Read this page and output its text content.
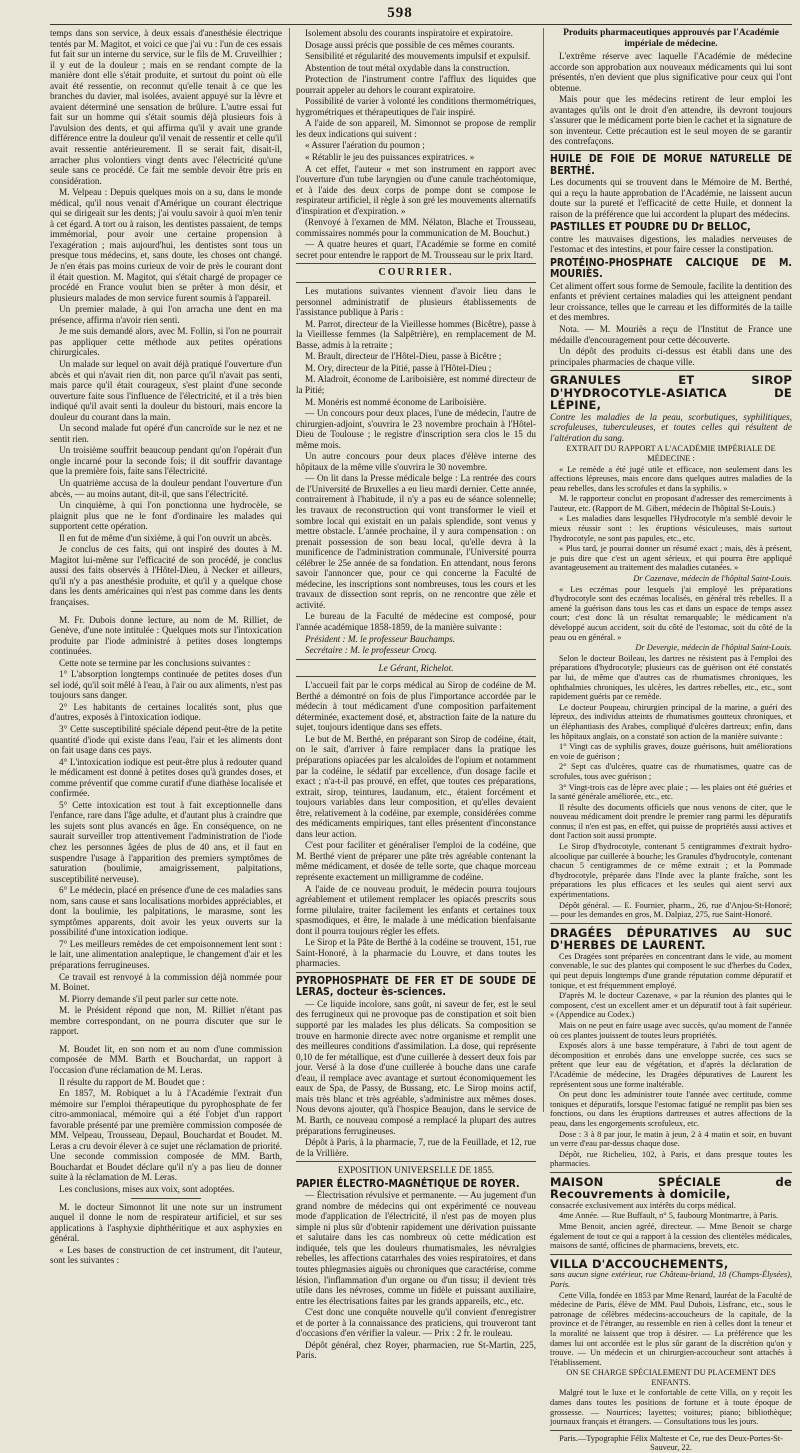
598

temps dans son service, à deux essais d'anesthésie électrique tentés par M. Magitot, et voici ce que j'ai vu : l'un de ces essais fut fait sur un interne du service, sur le fils de M. Cruveilhier ; il y eut de la douleur ; mais en se rendant compte de la manière dont elle s'était produite, et surtout du point où elle avait été ressentie, on reconnut qu'elle tenait à ce que les branches du davier, mal isolées, avaient appuyé sur la lèvre et avaient déterminé une sensation de brûlure. L'autre essai fut fait sur un homme qui s'était soumis déjà plusieurs fois à l'avulsion des dents, et qui affirma qu'il y avait une grande différence entre la douleur qu'il venait de ressentir et celle qu'il avait ressentie antérieurement. Il se serait fait, disait-il, arracher plus volontiers vingt dents avec l'électricité qu'une seule sans ce procédé. Ce fait me semble devoir être pris en considération.

M. Velpeau : Depuis quelques mois on a su, dans le monde médical, qu'il nous venait d'Amérique un courant électrique qui se dirigeait sur les dents; j'ai voulu savoir à quoi m'en tenir à cet égard. A tort ou à raison, les dentistes passaient, de temps immémorial, pour avoir une certaine propension à l'exagération ; mais aujourd'hui, les dentistes sont tous un presque tous médecins, et, sans doute, les choses ont changé. Je n'en étais pas moins curieux de voir de près le courant dont il était question. M. Magitot, qui s'était chargé de propager ce procédé en France voulut bien se prêter à mon désir, et plusieurs malades de mon service furent soumis à l'appareil.

Un premier malade, à qui l'on arracha une dent en ma présence, affirma n'avoir rien senti.

Je me suis demandé alors, avec M. Follin, si l'on ne pourrait pas appliquer cette méthode aux petites opérations chirurgicales.

Un malade sur lequel on avait déjà pratiqué l'ouverture d'un abcès et qui n'avait rien dit, non parce qu'il n'avait pas senti, mais parce qu'il était courageux, s'est plaint d'une seconde ouverture faite sous l'influence de l'électricité, et il a très bien indiqué qu'il avait senti la douleur du bistouri, mais encore la douleur du courant dans la main.

Un second malade fut opéré d'un cancroïde sur le nez et ne sentit rien.

Un troisième souffrit beaucoup pendant qu'on l'opérait d'un ongle incarné pour la seconde fois; il dit souffrir davantage que la première fois, faite sans l'électricité.

Un quatrième accusa de la douleur pendant l'ouverture d'un abcès, — au moins autant, dit-il, que sans l'électricité.

Un cinquième, à qui l'on ponctionna une hydrocèle, se plaignit plus que ne le font d'ordinaire les malades qui supportent cette opération.

Il en fut de même d'un sixième, à qui l'on ouvrit un abcès.

Je conclus de ces faits, qui ont inspiré des doutes à M. Magitot lui-même sur l'efficacité de son procédé, je conclus aussi des faits observés à l'Hôtel-Dieu, à Necker et ailleurs, qu'il n'y a pas anesthésie produite, et qu'il y a quelque chose dans les dents américaines qui n'est pas comme dans les dents françaises.

M. Fr. Dubois donne lecture, au nom de M. Rilliet, de Genève, d'une note intitulée : Quelques mots sur l'intoxication produite par l'iode administré à petites doses longtemps continuées.

Cette note se termine par les conclusions suivantes :

1° L'absorption longtemps continuée de petites doses d'un sel iodé, qu'il soit mêlé à l'eau, à l'air ou aux aliments, n'est pas toujours sans danger.

2° Les habitants de certaines localités sont, plus que d'autres, exposés à l'intoxication iodique.

3° Cette susceptibilité spéciale dépend peut-être de la petite quantité d'iode qui existe dans l'eau, l'air et les aliments dont on fait usage dans ces pays.

4° L'intoxication iodique est peut-être plus à redouter quand le médicament est donné à petites doses qu'à grandes doses, et comme préventif que comme curatif d'une diathèse localisée et confirmée.

5° Cette intoxication est tout à fait exceptionnelle dans l'enfance, rare dans l'âge adulte, et d'autant plus à craindre que les sujets sont plus avancés en âge. En conséquence, on ne saurait surveiller trop attentivement l'administration de l'iode chez les personnes âgées de plus de 40 ans, et il faut en suspendre l'usage à l'apparition des premiers symptômes de saturation (boulimie, amaigrissement, palpitations, susceptibilité nerveuse).

6° Le médecin, placé en présence d'une de ces maladies sans nom, sans cause et sans localisations morbides appréciables, et dont la boulimie, les palpitations, le marasme, sont les symptômes apparents, doit avoir les yeux ouverts sur la possibilité d'une intoxication iodique.

7° Les meilleurs remèdes de cet empoisonnement lent sont : le lait, une alimentation analeptique, le changement d'air et les préparations ferrugineuses.

Ce travail est renvoyé à la commission déjà nommée pour M. Boinet.

M. Piorry demande s'il peut parler sur cette note.

M. le Président répond que non, M. Rilliet n'étant pas membre correspondant, on ne pourra discuter que sur le rapport.

M. Boudet lit, en son nom et au nom d'une commission composée de MM. Barth et Bouchardat, un rapport à l'occasion d'une réclamation de M. Leras.

Il résulte du rapport de M. Boudet que :

En 1857, M. Robiquet a lu à l'Académie l'extrait d'un mémoire sur l'emploi thérapeutique du pyrophosphate de fer citro-ammoniacal, mémoire qui a été l'objet d'un rapport favorable présenté par une première commission composée de MM. Velpeau, Trousseau, Depaul, Bouchardat et Boudet. M. Leras a cru devoir élever à ce sujet une réclamation de priorité. Une seconde commission composée de MM. Barth, Bouchardat et Boudet déclare qu'il n'y a pas lieu de donner suite à la réclamation de M. Leras.

Les conclusions, mises aux voix, sont adoptées.

M. le docteur Simonnot lit une note sur un instrument auquel il donne le nom de respirateur artificiel, et sur ses applications à l'asphyxie diphthéritique et aux asphyxies en général.

« Les bases de construction de cet instrument, dit l'auteur, sont les suivantes :

Isolement absolu des courants inspiratoire et expiratoire.

Dosage aussi précis que possible de ces mêmes courants.

Sensibilité et régularité des mouvements impulsif et expulsif.

Abstention de tout métal oxydable dans la construction.

Protection de l'instrument contre l'afflux des liquides que pourrait appeler au dehors le courant expiratoire.

Possibilité de varier à volonté les conditions thermométriques, hygrométriques et thérapeutiques de l'air inspiré.

A l'aide de son appareil, M. Simonnot se propose de remplir les deux indications qui suivent :

« Assurer l'aération du poumon ;

« Rétablir le jeu des puissances expiratrices. »

A cet effet, l'auteur « met son instrument en rapport avec l'ouverture d'un tube laryngien ou d'une canule trachéotomique, et à l'aide des deux corps de pompe dont se compose le respirateur artificiel, il règle à son gré les mouvements alternatifs d'inspiration et d'expiration. »

(Renvoyé à l'examen de MM. Nélaton, Blache et Trousseau, commissaires nommés pour la communication de M. Bouchut.)

— A quatre heures et quart, l'Académie se forme en comité secret pour entendre le rapport de M. Trousseau sur le prix Itard.

COURRIER.

Les mutations suivantes viennent d'avoir lieu dans le personnel administratif de plusieurs établissements de l'assistance publique à Paris :

M. Parrot, directeur de la Vieillesse hommes (Bicêtre), passe à la Vieillesse femmes (la Salpêtrière), en remplacement de M. Basse, admis à la retraite ;

M. Brault, directeur de l'Hôtel-Dieu, passe à Bicêtre ;

M. Ory, directeur de la Pitié, passe à l'Hôtel-Dieu ;

M. Aladroit, économe de Lariboisière, est nommé directeur de la Pitié;

M. Monéris est nommé économe de Lariboisière.

— Un concours pour deux places, l'une de médecin, l'autre de chirurgien-adjoint, s'ouvrira le 23 novembre prochain à l'Hôtel-Dieu de Toulouse ; le registre d'inscription sera clos le 15 du même mois.

Un autre concours pour deux places d'élève interne des hôpitaux de la même ville s'ouvrira le 30 novembre.

— On lit dans la Presse médicale belge : La rentrée des cours de l'Université de Bruxelles a eu lieu mardi dernier. Cette année, contrairement à l'habitude, il n'y a pas eu de séance solennelle; les travaux de reconstruction qui vont transformer le vieil et sombre local qui existait en un palais splendide, sont venus y mettre obstacle. L'année prochaine, il y aura compensation : on prenait possession de son beau local, qu'elle devra à la munificence de l'administration communale, l'Université pourra célébrer le 25e année de sa fondation. En attendant, nous ferons savoir l'annoncer que, pour ce qui concerne la Faculté de médecine, les inscriptions sont nombreuses, tous les cours et les travaux de dissection sont repris, on ne rencontre que zèle et activité.

Le bureau de la Faculté de médecine est composé, pour l'année académique 1858-1859, de la manière suivante :

Président : M. le professeur Bauchamps.

Secrétaire : M. le professeur Crocq.

Le Gérant, Richelot.

L'accueil fait par le corps médical au Sirop de codéine de M. Berthé a démontré on fois de plus l'importance accordée par le médecin à tout médicament d'une composition parfaitement déterminée, exactement dosé, et, abstraction faite de la nature du sujet, toujours identique dans ses effets.

Le but de M. Berthé, en préparant son Sirop de codéine, était, on le sait, d'arriver à faire remplacer dans la pratique les préparations opiacées par les alcaloïdes de l'opium et notamment par la codéine, le sédatif par excellence, d'un dosage facile et exact ; n'a-t-il pas prouvé, en effet, que toutes ces préparations, extrait, sirop, teintures, laudanum, etc., étaient forcément et toujours variables dans leur composition, et qu'elles devaient être, relativement à la codéine, par exemple, considérées comme des médicaments empiriques, tant elles présentent d'inconstance dans leur action.

C'est pour faciliter et généraliser l'emploi de la codéine, que M. Berthé vient de préparer une pâte très agréable contenant la même médicament, et dosée de telle sorte, que chaque morceau représente exactement un milligramme de codéine.

A l'aide de ce nouveau produit, le médecin pourra toujours agréablement et utilement remplacer les opiacés prescrits sous forme pilulaire, traiter facilement les enfants et certaines toux spasmodiques, et être, le malade à une médication bienfaisante dont il pourra toujours régler les effets.

Le Sirop et la Pâte de Berthé à la codéine se trouvent, 151, rue Saint-Honoré, à la pharmacie du Louvre, et dans toutes les pharmacies.

PYROPHOSPHATE DE FER ET DE SOUDE DE LERAS, docteur ès-sciences.

— Ce liquide incolore, sans goût, ni saveur de fer, est le seul des ferrugineux qui ne provoque pas de constipation et soit bien supporté par les malades les plus délicats. Sa composition se trouve en harmonie directe avec notre organisme et remplit une des meilleures conditions d'assimilation. La dose, qui représente 0,10 de fer métallique, est d'une cuillerée à dessert deux fois par jour. Versé à la dose d'une cuillerée à bouche dans une carafe d'eau, il remplace avec avantage et surtout économiquement les eaux de Spa, de Passy, de Bussang, etc. Le Sirop moins actif, mais très blanc et très agréable, s'administre aux mêmes doses. Nous devons ajouter, qu'à l'hospice Beaujon, dans le service de M. Barth, ce nouveau composé a remplacé la plupart des autres préparations ferrugineuses.

Dépôt à Paris, à la pharmacie, 7, rue de la Feuillade, et 12, rue de la Vrillière.

EXPOSITION UNIVERSELLE DE 1855.

PAPIER ÉLECTRO-MAGNÉTIQUE DE ROYER.

— Électrisation révulsive et permanente. — Au jugement d'un grand nombre de médecins qui ont expérimenté ce nouveau mode d'application de l'électricité, il n'est pas de moyen plus simple ni plus sûr d'obtenir rapidement une dérivation puissante et salutaire dans les cas nombreux où cette médication est indiquée, tels que les douleurs rhumatismales, les névralgies rebelles, les affections catarrhales des voies respiratoires, et dans toutes phlegmasies aiguës ou chroniques que caractérise, comme lésion, l'inflammation d'un organe ou d'un tissu; il devient très utile dans les névroses, comme un fidèle et puissant auxiliaire, entre les électrisations faites par les grands appareils, etc., etc.

C'est donc une conquête nouvelle qu'il convient d'enregistrer et de porter à la connaissance des praticiens, qui trouveront tant d'occasions d'en vérifier la valeur. — Prix : 2 fr. le rouleau.

Dépôt général, chez Royer, pharmacien, rue St-Martin, 225, Paris.

Produits pharmaceutiques approuvés par l'Académie impériale de médecine.

L'extrême réserve avec laquelle l'Académie de médecine accorde son approbation aux nouveaux médicaments qui lui sont présentés, n'en devient que plus significative pour ceux qui l'ont obtenue.

Mais pour que les médecins retirent de leur emploi les avantages qu'ils ont le droit d'en attendre, ils devront toujours s'assurer que le médicament porte bien le cachet et la signature de son inventeur. Cette précaution est le seul moyen de se garantir des contrefaçons.

HUILE DE FOIE DE MORUE NATURELLE DE BERTHÉ.

Les documents qui se trouvent dans le Mémoire de M. Berthé, qui a reçu la haute approbation de l'Académie, ne laissent aucun doute sur la pureté et l'efficacité de cette Huile, et donnent la raison de la préférence que lui accordent la plupart des médecins.

PASTILLES ET POUDRE DU Dr BELLOC,

contre les mauvaises digestions, les maladies nerveuses de l'estomac et des intestins, et pour faire cesser la constipation.

PROTÉINO-PHOSPHATE CALCIQUE DE M. MOURIÈS.

Cet aliment offert sous forme de Semoule, facilite la dentition des enfants et prévient certaines maladies qui les atteignent pendant leur croissance, telles que le carreau et les difformités de la taille et des membres.

Nota. — M. Mouriès a reçu de l'Institut de France une médaille d'encouragement pour cette découverte.

Un dépôt des produits ci-dessus est établi dans une des principales pharmacies de chaque ville.

GRANULES ET SIROP D'HYDROCOTYLE-ASIATICA DE LÉPINE,

Contre les maladies de la peau, scorbutiques, syphilitiques, scrofuleuses, tuberculeuses, et toutes celles qui résultent de l'altération du sang.

EXTRAIT DU RAPPORT A L'ACADÉMIE IMPÉRIALE DE MÉDECINE :

« Le remède a été jugé utile et efficace, non seulement dans les affections lépreuses, mais encore dans quelques autres maladies de la peau rebelles, dans les scrofules et dans la syphilis. »

M. le rapporteur conclut en proposant d'adresser des remerciments à l'auteur, etc. (Rapport de M. Gibert, médecin de l'hôpital St-Louis.)

« Les maladies dans lesquelles l'Hydrocotyle m'a semblé devoir le mieux réussir sont : les éruptions vésiculeuses, mais surtout l'hydrocotyle, ne sont pas papules, etc., etc.

« Plus tard, je pourrai donner un résumé exact ; mais, dès à présent, je puis dire que c'est un agent sérieux, et qui pourra être appliqué avantageusement au traitement des maladies cutanées. »

Dr Cazenave, médecin de l'hôpital Saint-Louis.

« Les eczémas pour lesquels j'ai employé les préparations d'hydrocotyle sont des eczémas localisés, en général très rebelles. Il a amené la guérison dans tous les cas et dans un espace de temps assez court; c'est donc là un résultat remarquable; le médicament n'a développé aucun accident, soit du côté de l'estomac, soit du côté de la peau ou en général. »

Dr Devergie, médecin de l'hôpital Saint-Louis.

Selon le docteur Boileau, les dartres ne résistent pas à l'emploi des préparations d'hydrocotyle; plusieurs cas de guérison ont été constatés par lui, de même que d'autres cas de rhumatismes chroniques, les ophthalmies chroniques, les ulcères, les dartres rebelles, etc., etc., sont rapidement guéris par ce remède.

Le docteur Poupeau, chirurgien principal de la marine, a guéri des lépreux, des individus atteints de rhumatismes goutteux chroniques, et un éléphantiasis des Arabes, compliqué d'ulcères dartreux; enfin, dans les hôpitaux anglais, on a constaté son action de la manière suivante :

1° Vingt cas de syphilis graves, douze guérisons, huit améliorations en voie de guérison ;

2° Sept cas d'ulcères, quatre cas de rhumatismes, quatre cas de scrofules, tous avec guérison ;

3° Vingt-trois cas de lèpre avec plaie ; — les plaies ont été guéries et la santé générale améliorée, etc., etc.

Il résulte des documents officiels que nous venons de citer, que le nouveau médicament doit prendre le premier rang parmi les dépuratifs connus; il n'en est pas, en effet, qui puisse de propriétés aussi actives et dont l'action soit aussi prompte.

Le Sirop d'hydrocotyle, contenant 5 centigrammes d'extrait hydro-alcoolique par cuillerée à bouche; les Granules d'hydrocotyle, contenant chacun 5 centigrammes de ce même extrait ; et la Pommade d'hydrocotyle, préparée dans l'Inde avec la plante fraîche, sont les préparations les plus efficaces et les seules qui aient servi aux expérimentations.

Dépôt général. — E. Fournier, pharm., 26, rue d'Anjou-St-Honoré; — pour les demandes en gros, M. Dalpiaz, 275, rue Saint-Honoré.

DRAGÉES DÉPURATIVES AU SUC D'HERBES DE LAURENT.

Ces Dragées sont préparées en concentrant dans le vide, au moment convenable, le suc des plantes qui composent le suc d'herbes du Codex, qui peut depuis longtemps d'une grande réputation comme dépuratif et tonique, et est fréquemment employé.

D'après M. le docteur Cazenave, « par la réunion des plantes qui le composent, c'est un excellent amer et un dépuratif tout à fait supérieur. » (Appendice au Codex.)

Mais on ne peut en faire usage avec succès, qu'au moment de l'année où ces plantes jouissent de toutes leurs propriétés.

Exposés alors à une basse température, à l'abri de tout agent de décomposition et enrobés dans une enveloppe sucrée, ces sucs se prêtent que leur eau de végétation, et d'après la déclaration de l'Académie de médecine, les Dragées dépuratives de Laurent les représentent sous une forme inaltérable.

On peut donc les administrer toute l'année avec certitude, comme toniques et dépuratifs, lorsque l'estomac fatigué ne remplit pas bien ses fonctions, ou dans les éruptions dartreuses et autres affections de la peau, dans les engorgements scrofuleux, etc.

Dose : 3 à 8 par jour, le matin à jeun, 2 à 4 matin et soir, en buvant un verre d'eau par-dessus chaque dose.

Dépôt, rue Richelieu, 102, à Paris, et dans presque toutes les pharmacies.

MAISON SPÉCIALE de Recouvrements à domicile,

consacrée exclusivement aux intérêts du corps médical.

4me Année. — Rue Buffault, n° 5, faubourg Montmartre, à Paris.

Mme Benoit, ancien agréé, directeur. — Mme Benoit se charge également de tout ce qui a rapport à la cession des clientèles médicales, maisons de santé, officines de pharmaciens, brevets, etc.

VILLA D'ACCOUCHEMENTS,

sans aucun signe extérieur, rue Château-briand, 18 (Champs-Élysées), Paris.

Cette Villa, fondée en 1853 par Mme Renard, lauréat de la Faculté de médecine de Paris, élève de MM. Paul Dubois, Lisfranc, etc., sous le patronage de célèbres médecins-accoucheurs de la capitale, de la province et de l'étranger, au ressemble en rien à celles dont la teneur et la moralité ne laissent que trop à désirer. — La préférence que les dames lui ont accordée est le plus sûr garant de la discrétion qu'on y trouve. — Un médecin et un chirurgien-accoucheur sont attachés à l'établissement.

ON SE CHARGE SPÉCIALEMENT DU PLACEMENT DES ENFANTS.

Malgré tout le luxe et le confortable de cette Villa, on y reçoit les dames dans toutes les positions de fortune et à toute époque de grossesse. — Nourrices; layettes; voitures; piano; bibliothèque; journaux français et étrangers. — Consultations tous les jours.

Paris.—Typographie Félix Malteste et Ce, rue des Deux-Portes-St-Sauveur, 22.
